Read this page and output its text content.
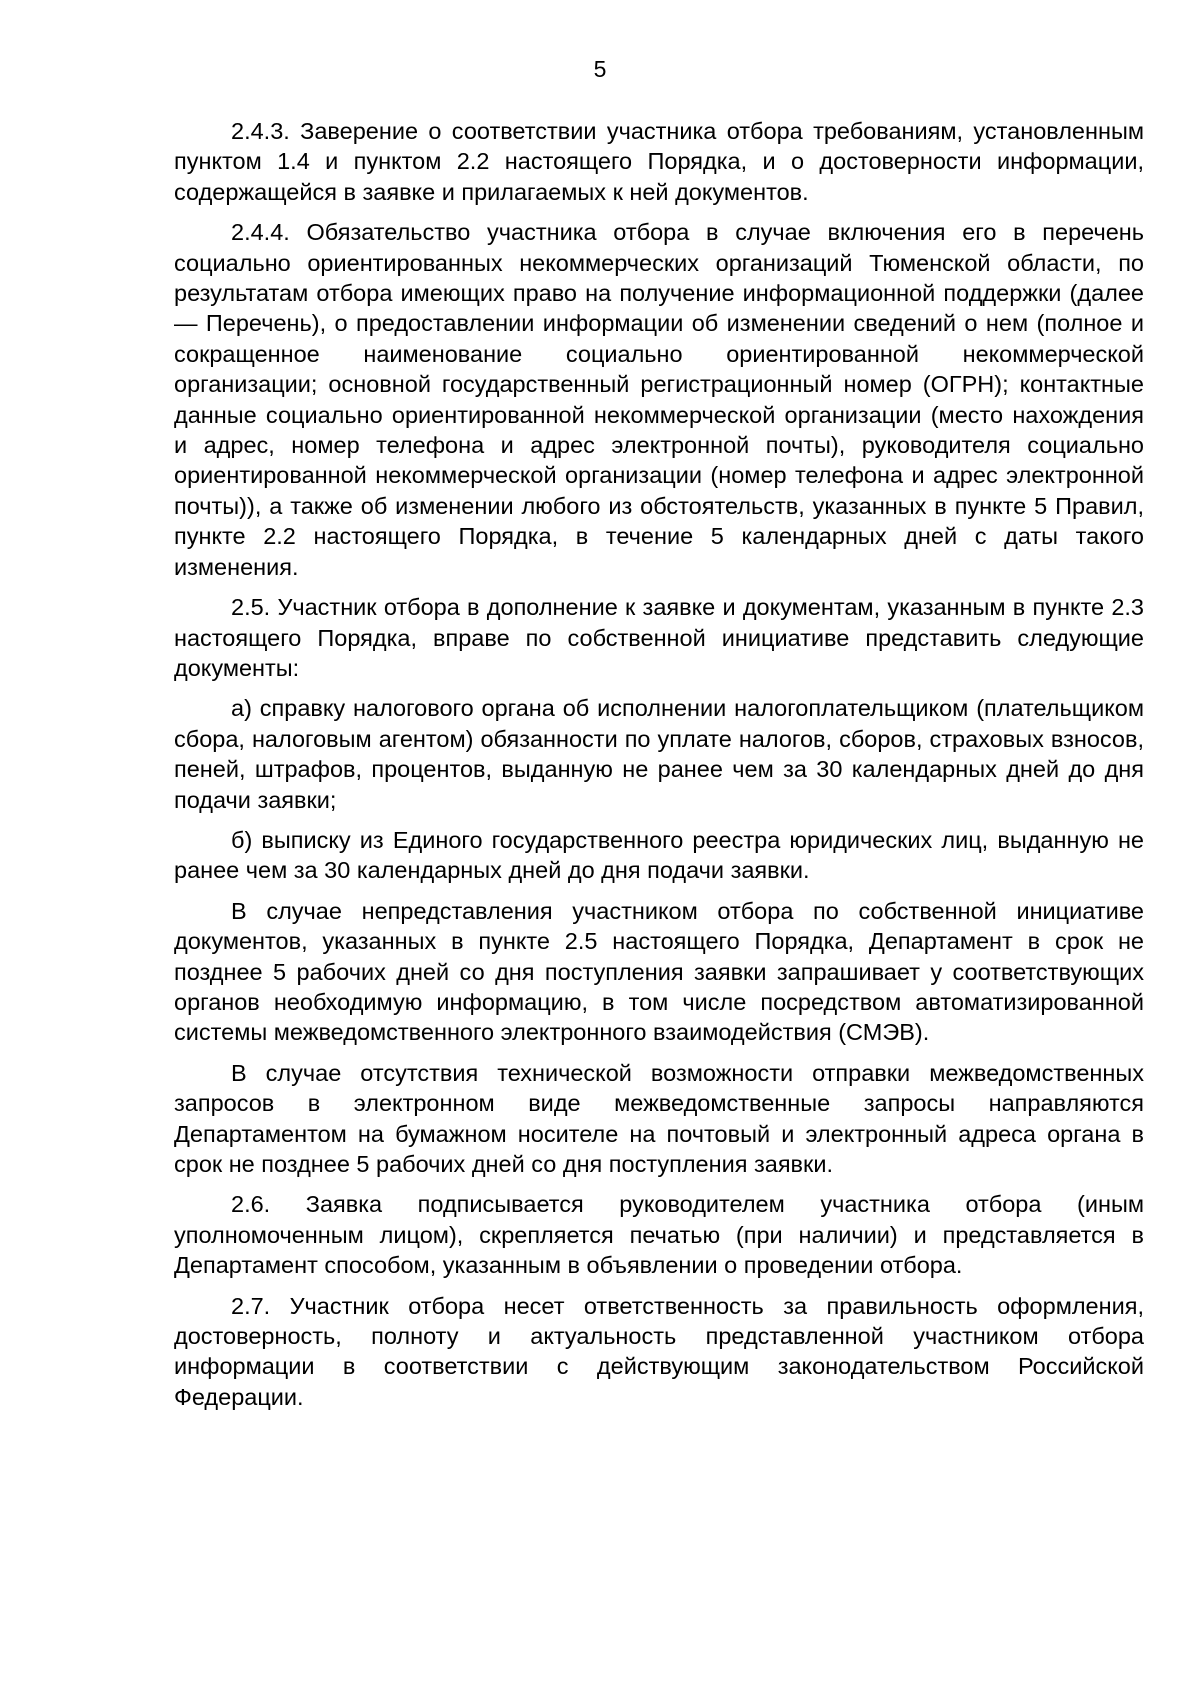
5

2.4.3. Заверение о соответствии участника отбора требованиям, установленным пунктом 1.4 и пунктом 2.2 настоящего Порядка, и о достоверности информации, содержащейся в заявке и прилагаемых к ней документов.

2.4.4. Обязательство участника отбора в случае включения его в перечень социально ориентированных некоммерческих организаций Тюменской области, по результатам отбора имеющих право на получение информационной поддержки (далее — Перечень), о предоставлении информации об изменении сведений о нем (полное и сокращенное наименование социально ориентированной некоммерческой организации; основной государственный регистрационный номер (ОГРН); контактные данные социально ориентированной некоммерческой организации (место нахождения и адрес, номер телефона и адрес электронной почты), руководителя социально ориентированной некоммерческой организации (номер телефона и адрес электронной почты)), а также об изменении любого из обстоятельств, указанных в пункте 5 Правил, пункте 2.2 настоящего Порядка, в течение 5 календарных дней с даты такого изменения.

2.5. Участник отбора в дополнение к заявке и документам, указанным в пункте 2.3 настоящего Порядка, вправе по собственной инициативе представить следующие документы:

а) справку налогового органа об исполнении налогоплательщиком (плательщиком сбора, налоговым агентом) обязанности по уплате налогов, сборов, страховых взносов, пеней, штрафов, процентов, выданную не ранее чем за 30 календарных дней до дня подачи заявки;

б) выписку из Единого государственного реестра юридических лиц, выданную не ранее чем за 30 календарных дней до дня подачи заявки.

В случае непредставления участником отбора по собственной инициативе документов, указанных в пункте 2.5 настоящего Порядка, Департамент в срок не позднее 5 рабочих дней со дня поступления заявки запрашивает у соответствующих органов необходимую информацию, в том числе посредством автоматизированной системы межведомственного электронного взаимодействия (СМЭВ).

В случае отсутствия технической возможности отправки межведомственных запросов в электронном виде межведомственные запросы направляются Департаментом на бумажном носителе на почтовый и электронный адреса органа в срок не позднее 5 рабочих дней со дня поступления заявки.

2.6. Заявка подписывается руководителем участника отбора (иным уполномоченным лицом), скрепляется печатью (при наличии) и представляется в Департамент способом, указанным в объявлении о проведении отбора.

2.7. Участник отбора несет ответственность за правильность оформления, достоверность, полноту и актуальность представленной участником отбора информации в соответствии с действующим законодательством Российской Федерации.
